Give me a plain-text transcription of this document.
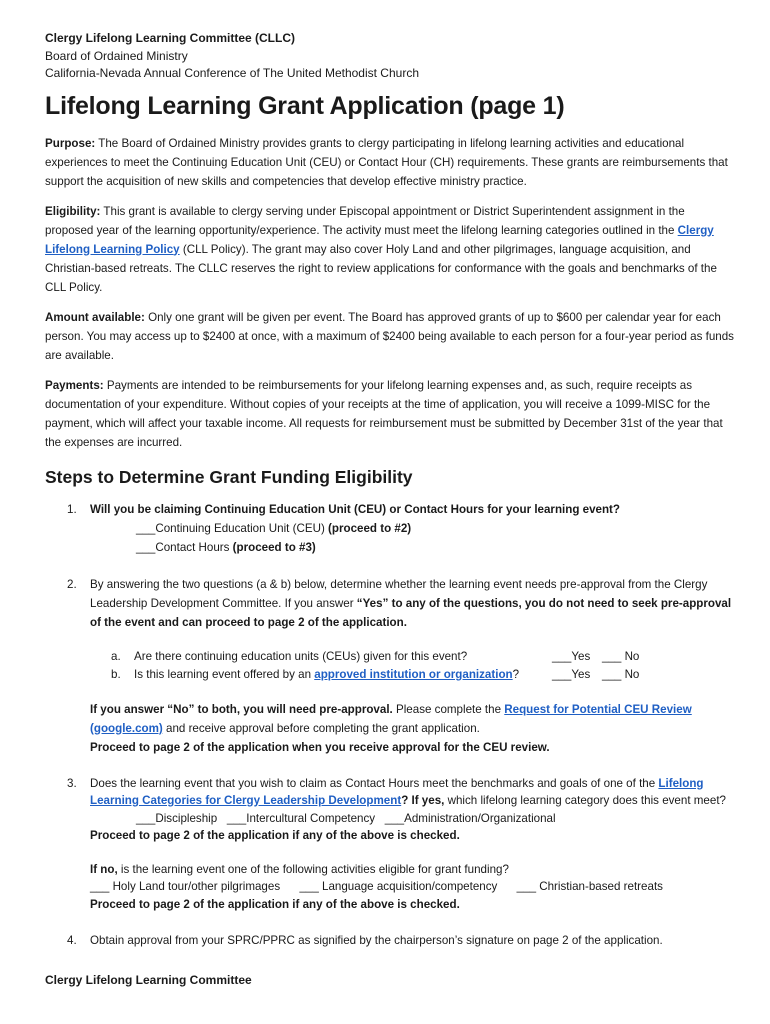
Clergy Lifelong Learning Committee (CLLC)
Board of Ordained Ministry
California-Nevada Annual Conference of The United Methodist Church
Lifelong Learning Grant Application (page 1)

Purpose: The Board of Ordained Ministry provides grants to clergy participating in lifelong learning activities and educational experiences to meet the Continuing Education Unit (CEU) or Contact Hour (CH) requirements. These grants are reimbursements that support the acquisition of new skills and competencies that develop effective ministry practice.

Eligibility: This grant is available to clergy serving under Episcopal appointment or District Superintendent assignment in the proposed year of the learning opportunity/experience. The activity must meet the lifelong learning categories outlined in the Clergy Lifelong Learning Policy (CLL Policy). The grant may also cover Holy Land and other pilgrimages, language acquisition, and Christian-based retreats. The CLLC reserves the right to review applications for conformance with the goals and benchmarks of the CLL Policy.

Amount available: Only one grant will be given per event. The Board has approved grants of up to $600 per calendar year for each person. You may access up to $2400 at once, with a maximum of $2400 being available to each person for a four-year period as funds are available.

Payments: Payments are intended to be reimbursements for your lifelong learning expenses and, as such, require receipts as documentation of your expenditure. Without copies of your receipts at the time of application, you will receive a 1099-MISC for the payment, which will affect your taxable income. All requests for reimbursement must be submitted by December 31st of the year that the expenses are incurred.

Steps to Determine Grant Funding Eligibility
1. Will you be claiming Continuing Education Unit (CEU) or Contact Hours for your learning event?
___Continuing Education Unit (CEU) (proceed to #2)
___Contact Hours (proceed to #3)
2. By answering the two questions (a & b) below, determine whether the learning event needs pre-approval from the Clergy Leadership Development Committee. If you answer “Yes” to any of the questions, you do not need to seek pre-approval of the event and can proceed to page 2 of the application.
a. Are there continuing education units (CEUs) given for this event?	___Yes ___ No
b. Is this learning event offered by an approved institution or organization?	___Yes ___ No
If you answer “No” to both, you will need pre-approval. Please complete the Request for Potential CEU Review (google.com) and receive approval before completing the grant application.
Proceed to page 2 of the application when you receive approval for the CEU review.
3. Does the learning event that you wish to claim as Contact Hours meet the benchmarks and goals of one of the Lifelong Learning Categories for Clergy Leadership Development? If yes, which lifelong learning category does this event meet?
___Discipleship ___Intercultural Competency ___Administration/Organizational
Proceed to page 2 of the application if any of the above is checked.
If no, is the learning event one of the following activities eligible for grant funding?
___ Holy Land tour/other pilgrimages ___ Language acquisition/competency ___ Christian-based retreats
Proceed to page 2 of the application if any of the above is checked.
4. Obtain approval from your SPRC/PPRC as signified by the chairperson’s signature on page 2 of the application.
Clergy Lifelong Learning Committee
